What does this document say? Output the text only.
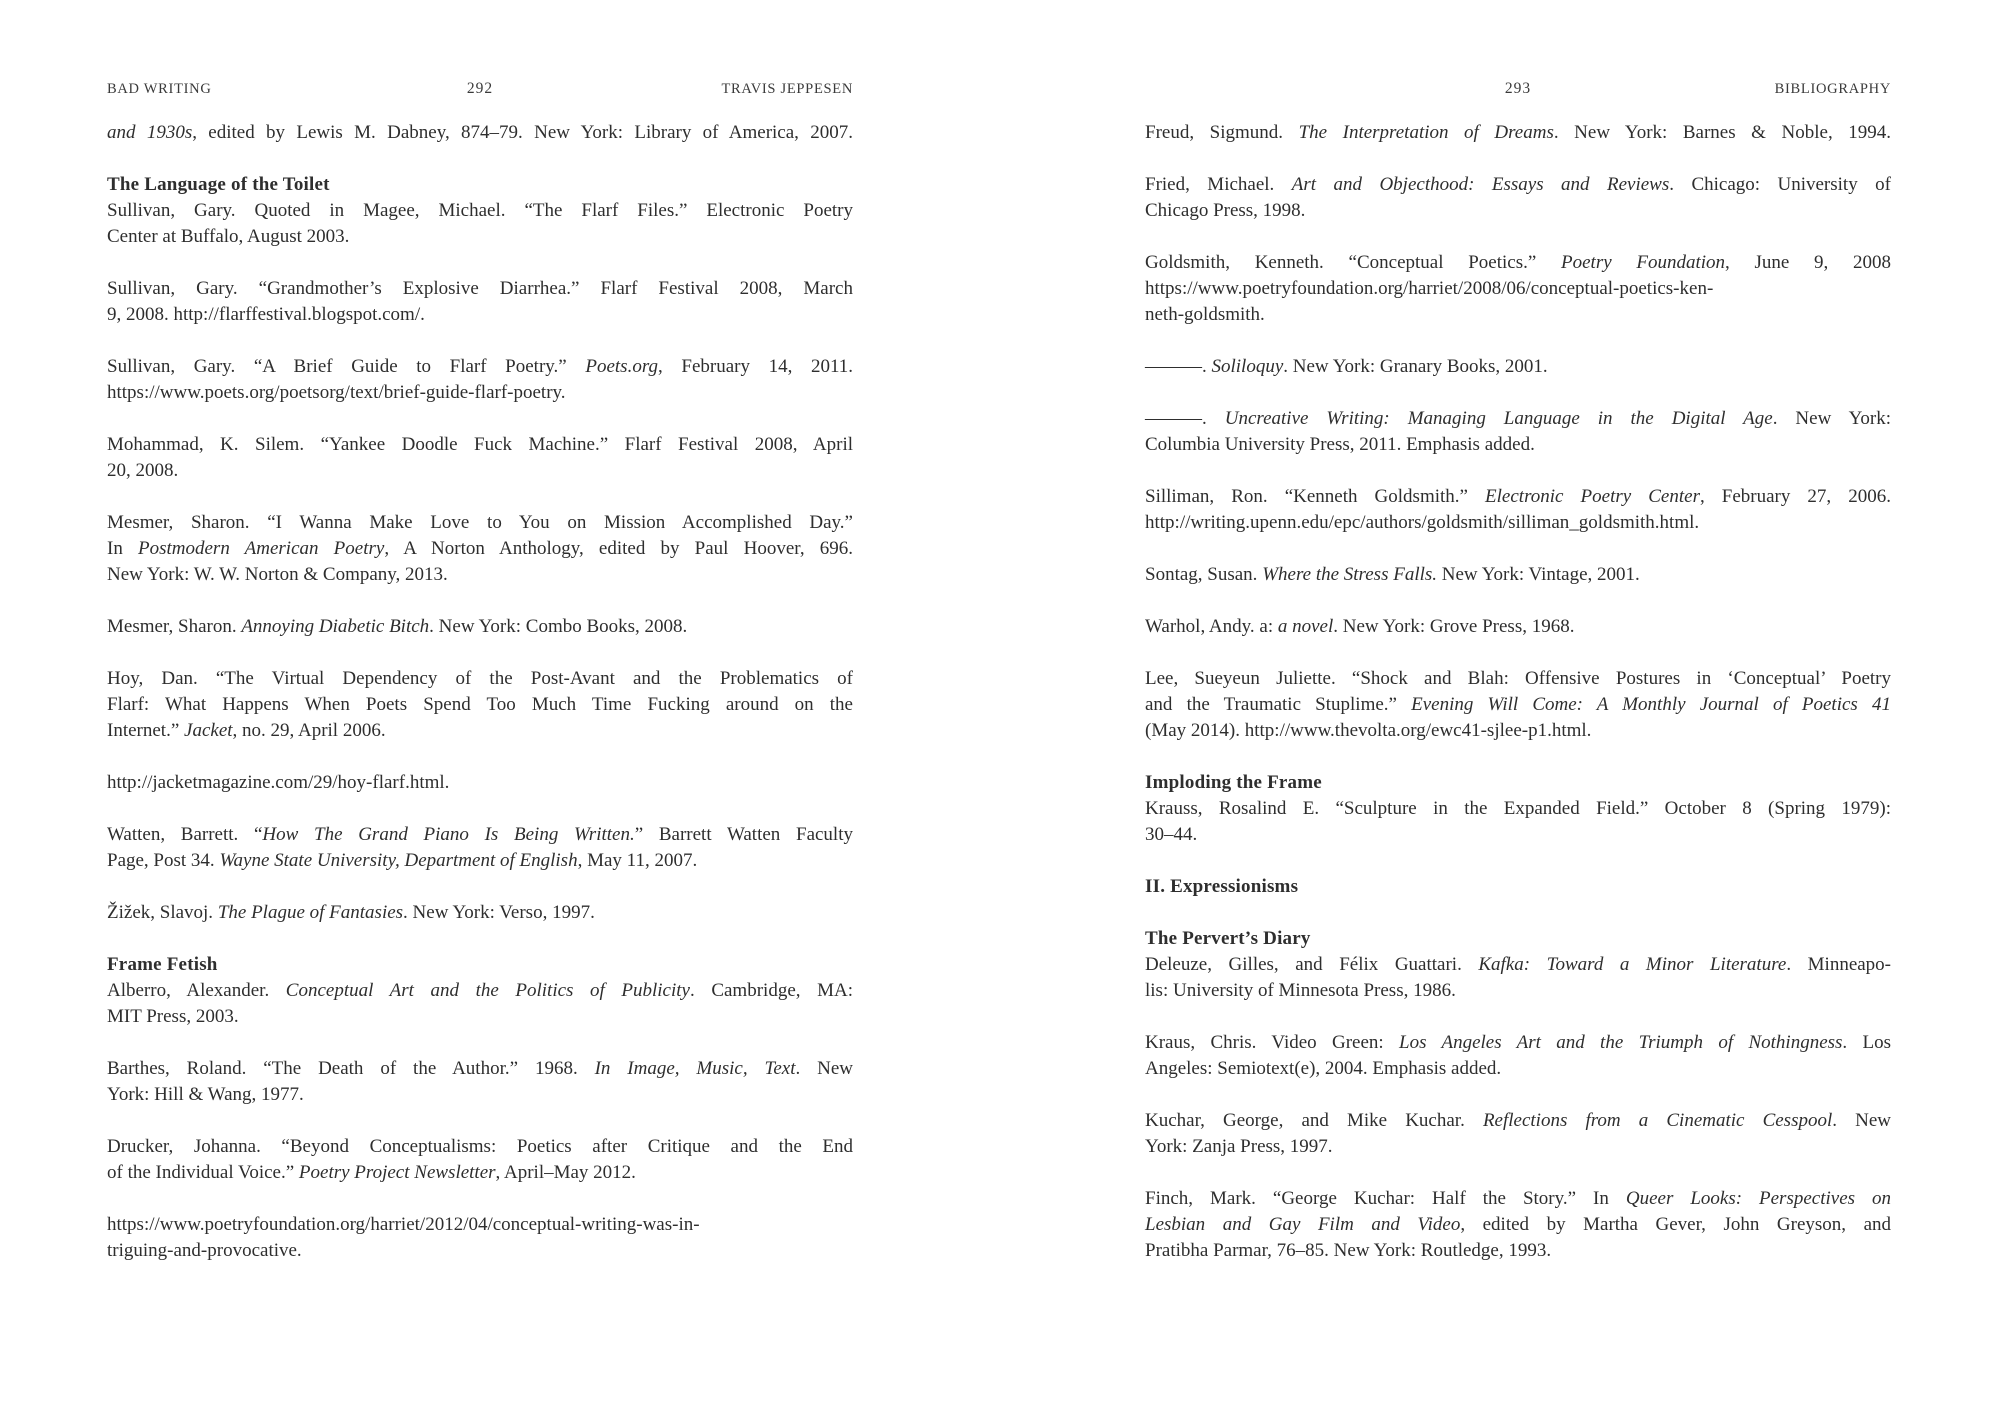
BAD WRITING	292	TRAVIS JEPPESEN	293	BIBLIOGRAPHY
and 1930s, edited by Lewis M. Dabney, 874–79. New York: Library of America, 2007.
The Language of the Toilet
Sullivan, Gary. Quoted in Magee, Michael. “The Flarf Files.” Electronic Poetry
Center at Buffalo, August 2003.
Sullivan, Gary. “Grandmother’s Explosive Diarrhea.” Flarf Festival 2008, March
9, 2008. http://flarffestival.blogspot.com/.
Sullivan, Gary. “A Brief Guide to Flarf Poetry.” Poets.org, February 14, 2011.
https://www.poets.org/poetsorg/text/brief-guide-flarf-poetry.
Mohammad, K. Silem. “Yankee Doodle Fuck Machine.” Flarf Festival 2008, April
20, 2008.
Mesmer, Sharon. “I Wanna Make Love to You on Mission Accomplished Day.”
In Postmodern American Poetry, A Norton Anthology, edited by Paul Hoover, 696.
New York: W. W. Norton & Company, 2013.
Mesmer, Sharon. Annoying Diabetic Bitch. New York: Combo Books, 2008.
Hoy, Dan. “The Virtual Dependency of the Post-Avant and the Problematics of
Flarf: What Happens When Poets Spend Too Much Time Fucking around on the
Internet.” Jacket, no. 29, April 2006.
http://jacketmagazine.com/29/hoy-flarf.html.
Watten, Barrett. “How The Grand Piano Is Being Written.” Barrett Watten Faculty
Page, Post 34. Wayne State University, Department of English, May 11, 2007.
Žižek, Slavoj. The Plague of Fantasies. New York: Verso, 1997.
Frame Fetish
Alberro, Alexander. Conceptual Art and the Politics of Publicity. Cambridge, MA:
MIT Press, 2003.
Barthes, Roland. “The Death of the Author.” 1968. In Image, Music, Text. New
York: Hill & Wang, 1977.
Drucker, Johanna. “Beyond Conceptualisms: Poetics after Critique and the End
of the Individual Voice.” Poetry Project Newsletter, April–May 2012.
https://www.poetryfoundation.org/harriet/2012/04/conceptual-writing-was-in-
triguing-and-provocative.
Freud, Sigmund. The Interpretation of Dreams. New York: Barnes & Noble, 1994.
Fried, Michael. Art and Objecthood: Essays and Reviews. Chicago: University of
Chicago Press, 1998.
Goldsmith, Kenneth. “Conceptual Poetics.” Poetry Foundation, June 9, 2008
https://www.poetryfoundation.org/harriet/2008/06/conceptual-poetics-ken-
neth-goldsmith.
———. Soliloquy. New York: Granary Books, 2001.
———. Uncreative Writing: Managing Language in the Digital Age. New York:
Columbia University Press, 2011. Emphasis added.
Silliman, Ron. “Kenneth Goldsmith.” Electronic Poetry Center, February 27, 2006.
http://writing.upenn.edu/epc/authors/goldsmith/silliman_goldsmith.html.
Sontag, Susan. Where the Stress Falls. New York: Vintage, 2001.
Warhol, Andy. a: a novel. New York: Grove Press, 1968.
Lee, Sueyeun Juliette. “Shock and Blah: Offensive Postures in ‘Conceptual’ Poetry
and the Traumatic Stuplime.” Evening Will Come: A Monthly Journal of Poetics 41
(May 2014). http://www.thevolta.org/ewc41-sjlee-p1.html.
Imploding the Frame
Krauss, Rosalind E. “Sculpture in the Expanded Field.” October 8 (Spring 1979):
30–44.
II. Expressionisms
The Pervert’s Diary
Deleuze, Gilles, and Félix Guattari. Kafka: Toward a Minor Literature. Minneapo-
lis: University of Minnesota Press, 1986.
Kraus, Chris. Video Green: Los Angeles Art and the Triumph of Nothingness. Los
Angeles: Semiotext(e), 2004. Emphasis added.
Kuchar, George, and Mike Kuchar. Reflections from a Cinematic Cesspool. New
York: Zanja Press, 1997.
Finch, Mark. “George Kuchar: Half the Story.” In Queer Looks: Perspectives on
Lesbian and Gay Film and Video, edited by Martha Gever, John Greyson, and
Pratibha Parmar, 76–85. New York: Routledge, 1993.
